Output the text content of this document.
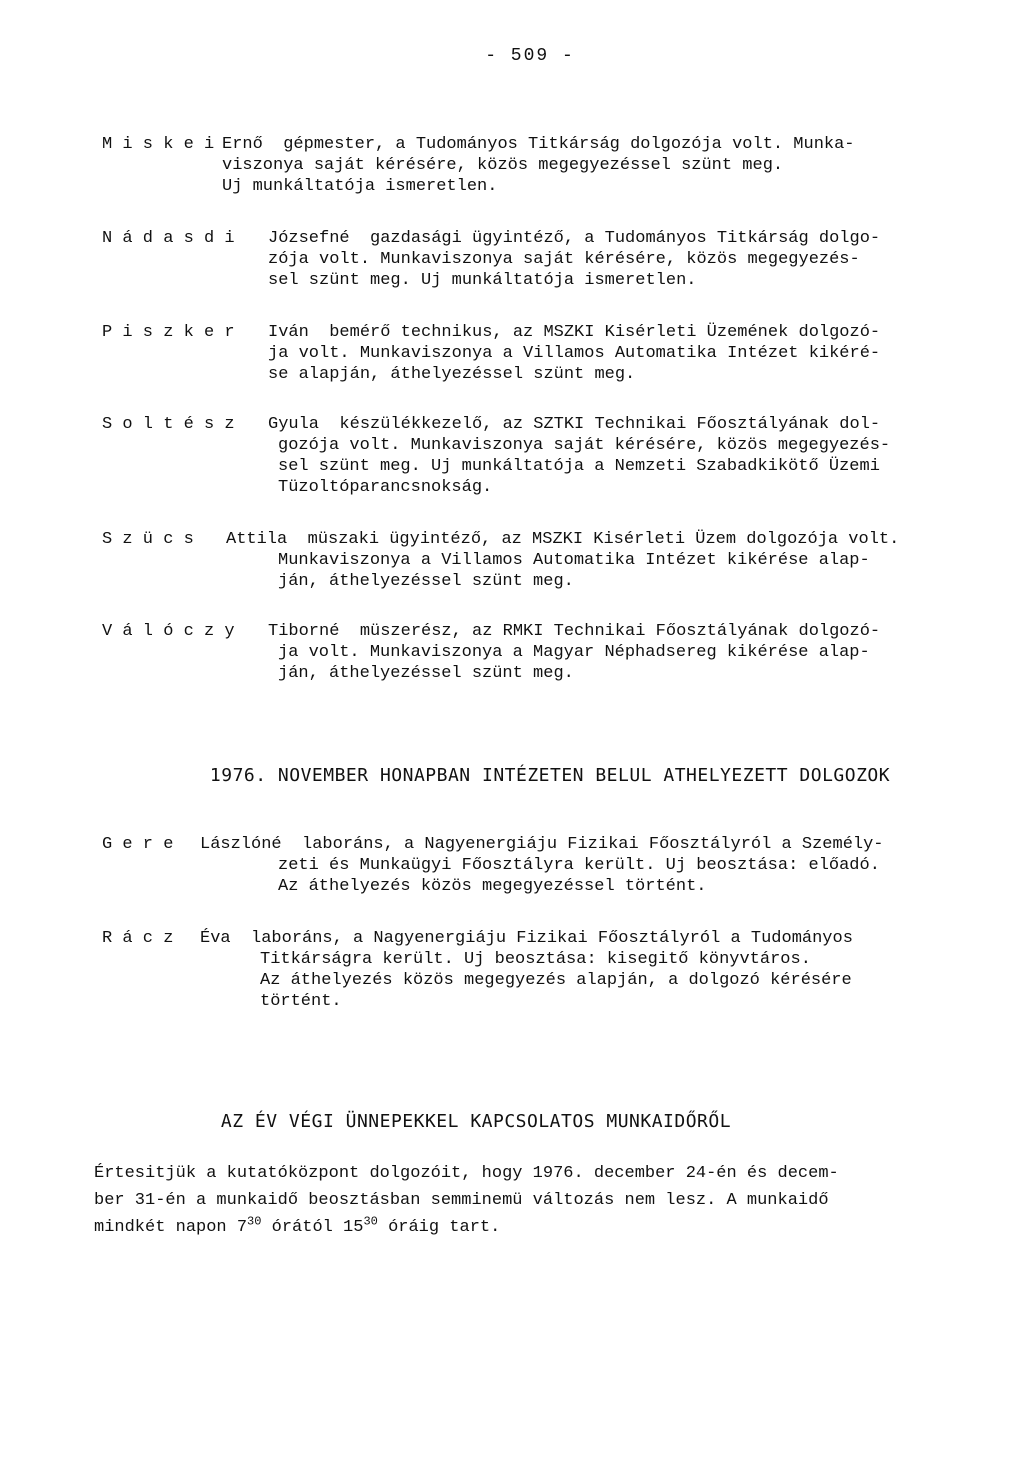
- 509 -
M i s k e i Ernő  gépmester, a Tudományos Titkárság dolgozója volt. Munka-
viszonya saját kérésére, közös megegyezéssel szünt meg.
Uj munkáltatója ismeretlen.
N á d a s d i Józsefné  gazdasági ügyintéző, a Tudományos Titkárság dolgo-
zója volt. Munkaviszonya saját kérésére, közös megegyezés-
sel szünt meg. Uj munkáltatója ismeretlen.
P i s z k e r Iván  bemérő technikus, az MSZKI Kisérleti Üzemének dolgozó-
ja volt. Munkaviszonya a Villamos Automatika Intézet kikéré-
se alapján, áthelyezéssel szünt meg.
S o l t é s z Gyula  készülékkezelő, az SZTKI Technikai Főosztályának dol-
gozója volt. Munkaviszonya saját kérésére, közös megegyezés-
sel szünt meg. Uj munkáltatója a Nemzeti Szabadkikötő Üzemi
Tüzoltóparancsnokság.
S z ü c s Attila  müszaki ügyintéző, az MSZKI Kisérleti Üzem dolgozója volt.
Munkaviszonya a Villamos Automatika Intézet kikérése alap-
ján, áthelyezéssel szünt meg.
V á l ó c z y Tiborné  müszerész, az RMKI Technikai Főosztályának dolgozó-
ja volt. Munkaviszonya a Magyar Néphadsereg kikérése alap-
ján, áthelyezéssel szünt meg.
1976. NOVEMBER HONAPBAN INTÉZETEN BELUL ATHELYEZETT DOLGOZOK
G e r e Lászlóné  laboráns, a Nagyenergiáju Fizikai Főosztályról a Személy-
zeti és Munkaügyi Főosztályra került. Uj beosztása: előadó.
Az áthelyezés közös megegyezéssel történt.
R á c z Éva  laboráns, a Nagyenergiáju Fizikai Főosztályról a Tudományos
Titkárságra került. Uj beosztása: kisegitő könyvtáros.
Az áthelyezés közös megegyezés alapján, a dolgozó kérésére
történt.
AZ ÉV VÉGI ÜNNEPEKKEL KAPCSOLATOS MUNKAIDŐRŐL
Értesitjük a kutatóközpont dolgozóit, hogy 1976. december 24-én és decem-
ber 31-én a munkaidő beosztásban semminemü változás nem lesz. A munkaidő
mindkét napon $7^{30}$ órától $15^{30}$ óráig tart.
